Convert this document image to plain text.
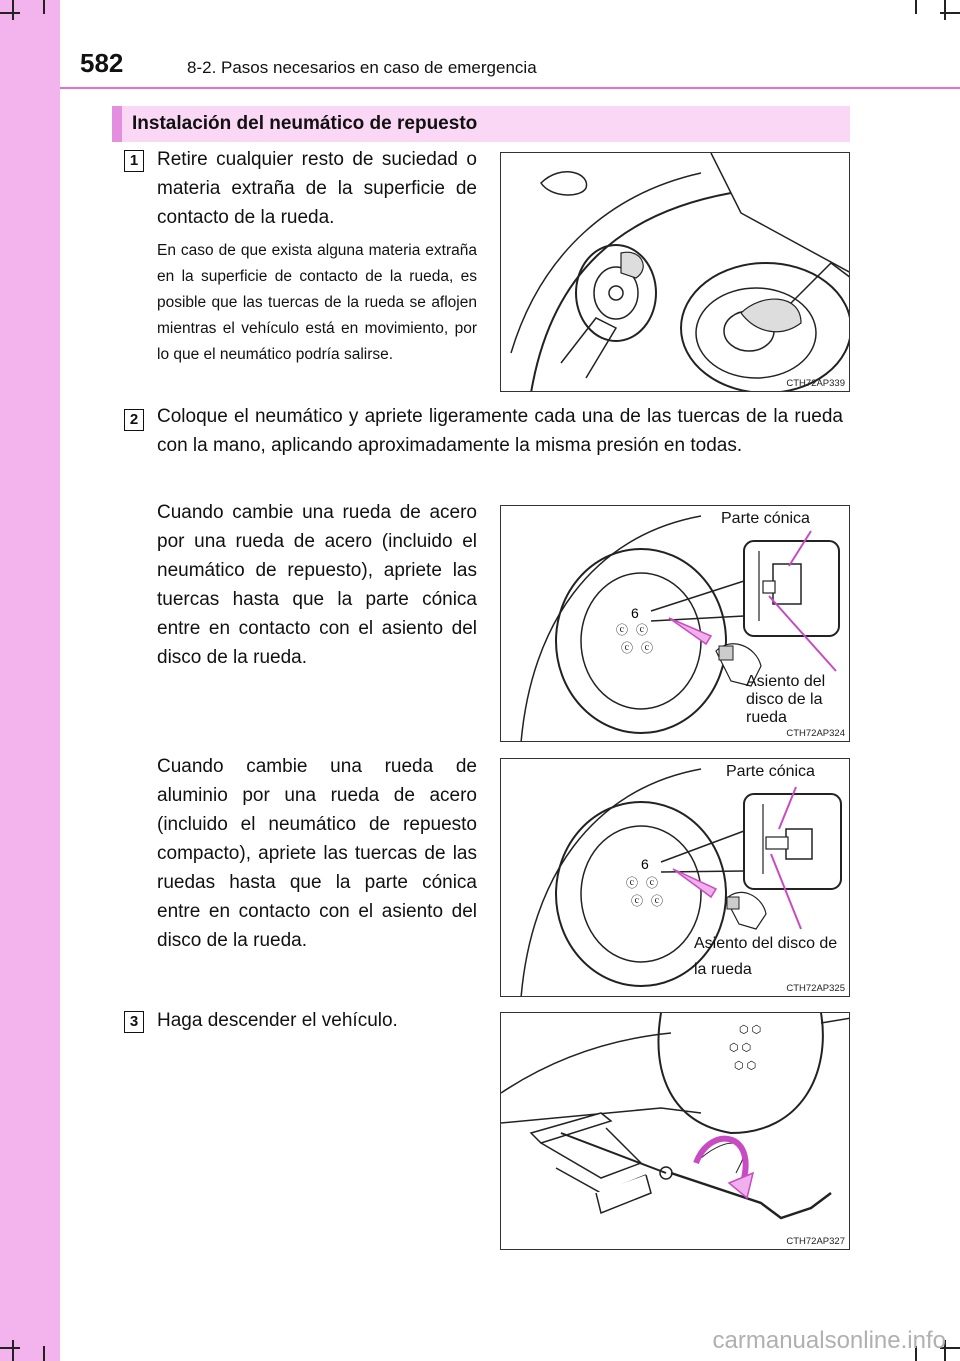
582	8-2. Pasos necesarios en caso de emergencia
Instalación del neumático de repuesto
1 Retire cualquier resto de suciedad o materia extraña de la superficie de contacto de la rueda.

En caso de que exista alguna materia extraña en la superficie de contacto de la rueda, es posible que las tuercas de la rueda se aflojen mientras el vehículo está en movimiento, por lo que el neumático podría salirse.

CTH72AP339
2 Coloque el neumático y apriete ligeramente cada una de las tuercas de la rueda con la mano, aplicando aproximadamente la misma presión en todas.

Cuando cambie una rueda de acero por una rueda de acero (incluido el neumático de repuesto), apriete las tuercas hasta que la parte cónica entre en contacto con el asiento del disco de la rueda.

6
ⓒ ⓒ
ⓒ ⓒ
Parte cónica
Asiento del disco de la rueda
CTH72AP324

Cuando cambie una rueda de aluminio por una rueda de acero (incluido el neumático de repuesto compacto), apriete las tuercas de las ruedas hasta que la parte cónica entre en contacto con el asiento del disco de la rueda.

6
ⓒ ⓒ
ⓒ ⓒ
Parte cónica
Asiento del disco de la rueda
CTH72AP325
3 Haga descender el vehículo.	⬡ ⬡
⬡ ⬡
⬡ ⬡
CTH72AP327
carmanualsonline.info
